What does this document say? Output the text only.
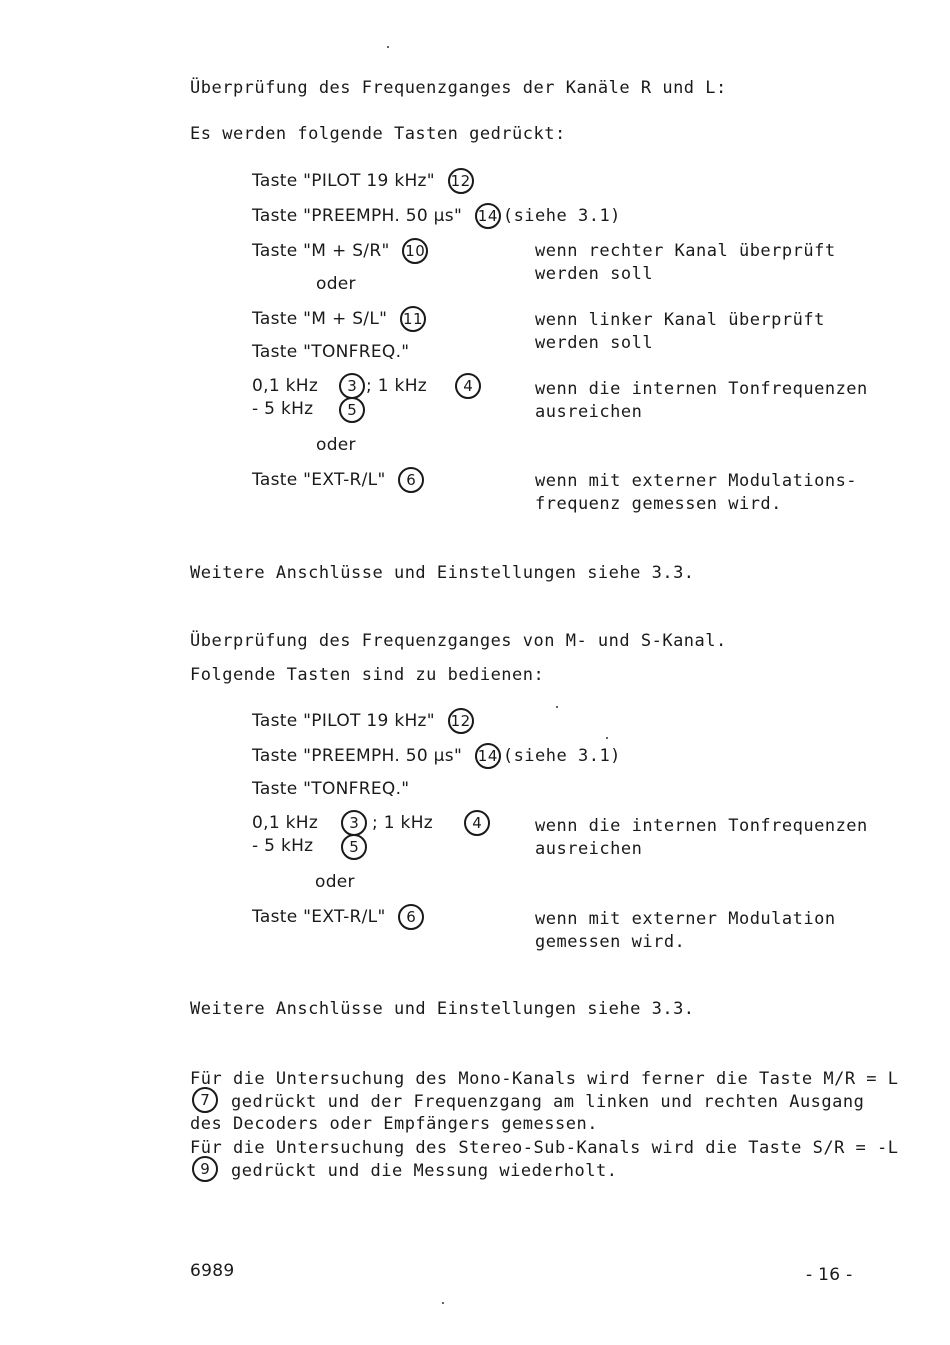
Überprüfung des Frequenzganges der Kanäle R und L:
Es werden folgende Tasten gedrückt:
Taste "PILOT 19 kHz" 12
Taste "PREEMPH. 50 µs" 14 (siehe 3.1)
Taste "M + S/R" 10	wenn rechter Kanal überprüft
werden soll
oder
Taste "M + S/L" 11	wenn linker Kanal überprüft
werden soll
Taste "TONFREQ."
0,1 kHz	3 ; 1 kHz	4
- 5 kHz	5
wenn die internen Tonfrequenzen
ausreichen
oder
Taste "EXT-R/L" 6	wenn mit externer Modulations-
frequenz gemessen wird.
Weitere Anschlüsse und Einstellungen siehe 3.3.
Überprüfung des Frequenzganges von M- und S-Kanal.
Folgende Tasten sind zu bedienen:
Taste "PILOT 19 kHz" 12
Taste "PREEMPH. 50 µs" 14 (siehe 3.1)
Taste "TONFREQ."
0,1 kHz	3 ; 1 kHz	4
- 5 kHz	5
wenn die internen Tonfrequenzen
ausreichen
oder
Taste "EXT-R/L" 6	wenn mit externer Modulation
gemessen wird.
Weitere Anschlüsse und Einstellungen siehe 3.3.
Für die Untersuchung des Mono-Kanals wird ferner die Taste M/R = L
7	gedrückt und der Frequenzgang am linken und rechten Ausgang
des Decoders oder Empfängers gemessen.
Für die Untersuchung des Stereo-Sub-Kanals wird die Taste S/R = -L
9	gedrückt und die Messung wiederholt.
6989	- 16 -
